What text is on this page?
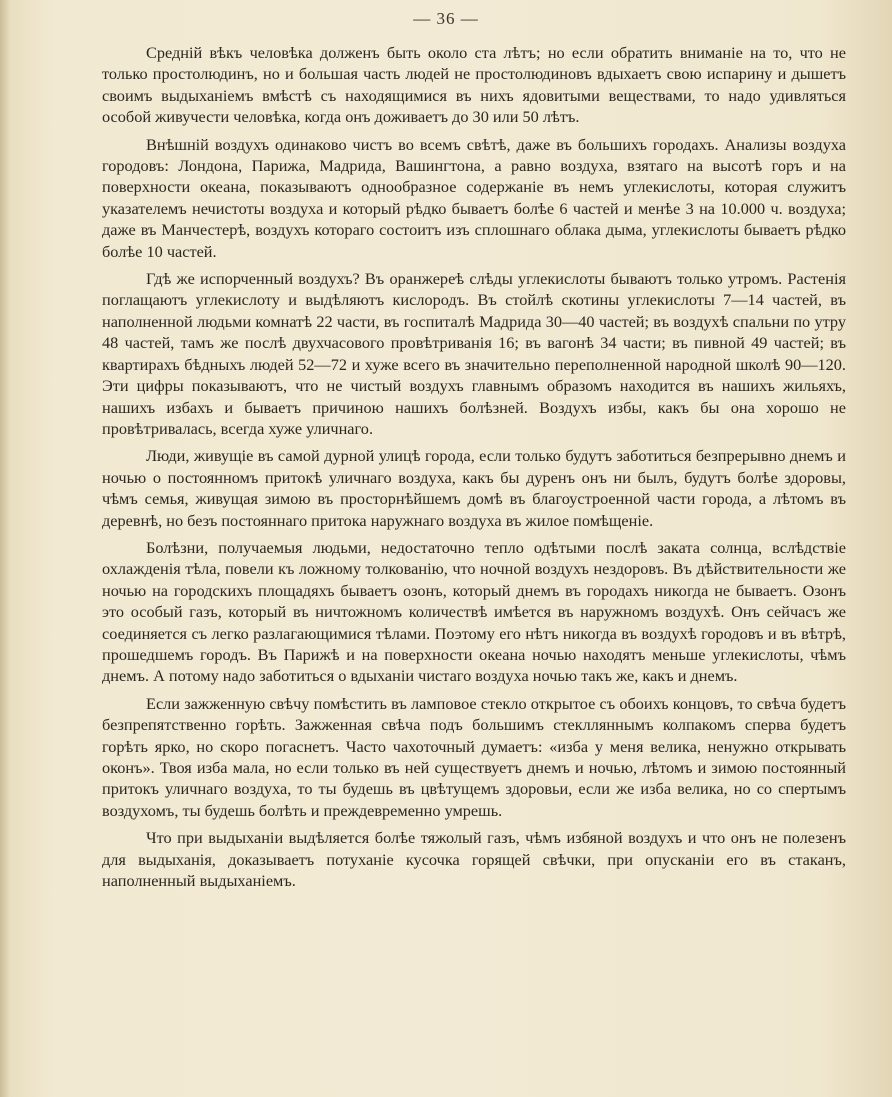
— 36 —

Средній вѣкъ человѣка долженъ быть около ста лѣтъ; но если обратить вниманіе на то, что не только простолюдинъ, но и большая часть людей не простолюдиновъ вдыхаетъ свою испарину и дышетъ своимъ выдыханіемъ вмѣстѣ съ находящимися въ нихъ ядовитыми веществами, то надо удивляться особой живучести человѣка, когда онъ доживаетъ до 30 или 50 лѣтъ.

Внѣшній воздухъ одинаково чистъ во всемъ свѣтѣ, даже въ большихъ городахъ. Анализы воздуха городовъ: Лондона, Парижа, Мадрида, Вашингтона, а равно воздуха, взятаго на высотѣ горъ и на поверхности океана, показываютъ однообразное содержаніе въ немъ углекислоты, которая служитъ указателемъ нечистоты воздуха и который рѣдко бываетъ болѣе 6 частей и менѣе 3 на 10.000 ч. воздуха; даже въ Манчестерѣ, воздухъ котораго состоитъ изъ сплошнаго облака дыма, углекислоты бываетъ рѣдко болѣе 10 частей.

Гдѣ же испорченный воздухъ? Въ оранжереѣ слѣды углекислоты бываютъ только утромъ. Растенія поглащаютъ углекислоту и выдѣляютъ кислородъ. Въ стойлѣ скотины углекислоты 7—14 частей, въ наполненной людьми комнатѣ 22 части, въ госпиталѣ Мадрида 30—40 частей; въ воздухѣ спальни по утру 48 частей, тамъ же послѣ двухчасового провѣтриванія 16; въ вагонѣ 34 части; въ пивной 49 частей; въ квартирахъ бѣдныхъ людей 52—72 и хуже всего въ значительно переполненной народной школѣ 90—120. Эти цифры показываютъ, что не чистый воздухъ главнымъ образомъ находится въ нашихъ жильяхъ, нашихъ избахъ и бываетъ причиною нашихъ болѣзней. Воздухъ избы, какъ бы она хорошо не провѣтривалась, всегда хуже уличнаго.

Люди, живущіе въ самой дурной улицѣ города, если только будутъ заботиться безпрерывно днемъ и ночью о постоянномъ притокѣ уличнаго воздуха, какъ бы дуренъ онъ ни былъ, будутъ болѣе здоровы, чѣмъ семья, живущая зимою въ просторнѣйшемъ домѣ въ благоустроенной части города, а лѣтомъ въ деревнѣ, но безъ постояннаго притока наружнаго воздуха въ жилое помѣщеніе.

Болѣзни, получаемыя людьми, недостаточно тепло одѣтыми послѣ заката солнца, вслѣдствіе охлажденія тѣла, повели къ ложному толкованію, что ночной воздухъ нездоровъ. Въ дѣйствительности же ночью на городскихъ площадяхъ бываетъ озонъ, который днемъ въ городахъ никогда не бываетъ. Озонъ это особый газъ, который въ ничтожномъ количествѣ имѣется въ наружномъ воздухѣ. Онъ сейчасъ же соединяется съ легко разлагающимися тѣлами. Поэтому его нѣтъ никогда въ воздухѣ городовъ и въ вѣтрѣ, прошедшемъ городъ. Въ Парижѣ и на поверхности океана ночью находятъ меньше углекислоты, чѣмъ днемъ. А потому надо заботиться о вдыханіи чистаго воздуха ночью такъ же, какъ и днемъ.

Если зажженную свѣчу помѣстить въ ламповое стекло открытое съ обоихъ концовъ, то свѣча будетъ безпрепятственно горѣть. Зажженная свѣча подъ большимъ стеклляннымъ колпакомъ сперва будетъ горѣть ярко, но скоро погаснетъ. Часто чахоточный думаетъ: «изба у меня велика, ненужно открывать оконъ». Твоя изба мала, но если только въ ней существуетъ днемъ и ночью, лѣтомъ и зимою постоянный притокъ уличнаго воздуха, то ты будешь въ цвѣтущемъ здоровьи, если же изба велика, но со спертымъ воздухомъ, ты будешь болѣть и преждевременно умрешь.

Что при выдыханіи выдѣляется болѣе тяжолый газъ, чѣмъ избяной воздухъ и что онъ не полезенъ для выдыханія, доказываетъ потуханіе кусочка горящей свѣчки, при опусканіи его въ стаканъ, наполненный выдыханіемъ.
